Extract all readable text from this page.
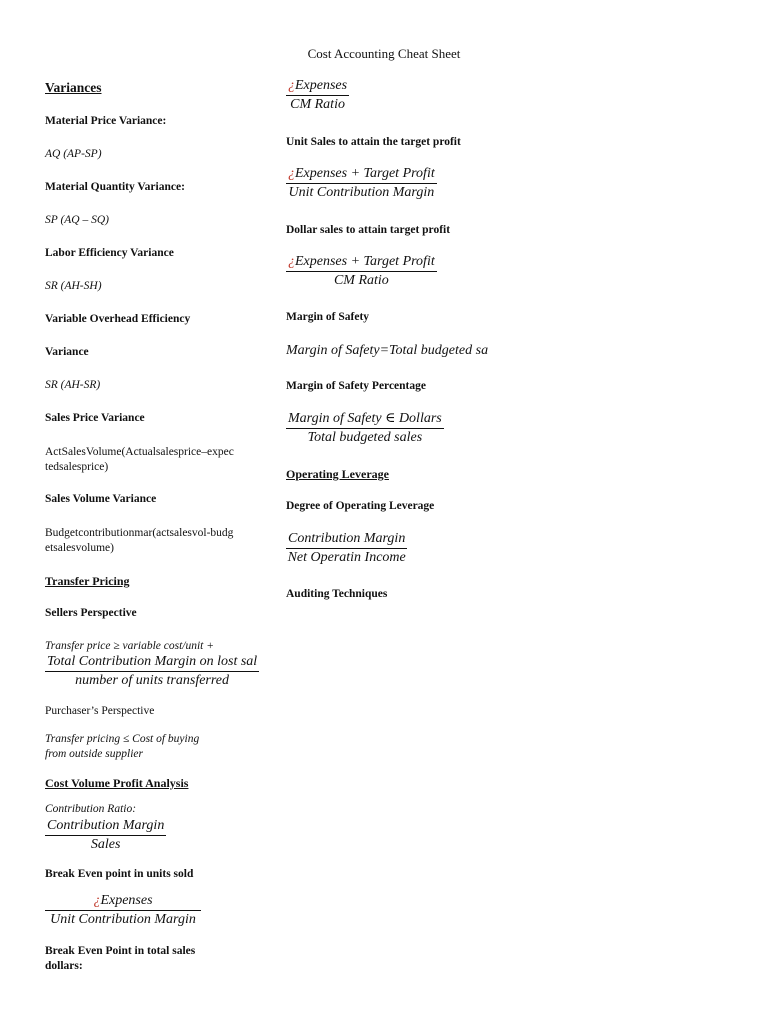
Cost Accounting Cheat Sheet
Variances
Material Price Variance:
AQ (AP-SP)
Material Quantity Variance:
SP (AQ – SQ)
Labor Efficiency Variance
SR (AH-SH)
Variable Overhead Efficiency
Variance
SR (AH-SR)
Sales Price Variance
ActSalesVolume(Actualsalesprice–expectedsalesprice)
Sales Volume Variance
Budgetcontributionmar(actsalesvol-budgetsalesvolume)
Transfer Pricing
Sellers Perspective
Transfer price ≥ variable cost/unit +
$\frac{\text{Total Contribution Margin on lost sal}}{\text{number of units transferred}}$
Purchaser’s Perspective
Transfer pricing ≤ Cost of buying from outside supplier
Cost Volume Profit Analysis
Contribution Ratio:
$\frac{\text{Contribution Margin}}{\text{Sales}}$
Break Even point in units sold
$\frac{\text{¿Expenses}}{\text{Unit Contribution Margin}}$
Break Even Point in total sales dollars:
$\frac{\text{¿Expenses}}{\text{CM Ratio}}$
Unit Sales to attain the target profit
$\frac{\text{¿Expenses + Target Profit}}{\text{Unit Contribution Margin}}$
Dollar sales to attain target profit
$\frac{\text{¿Expenses + Target Profit}}{\text{CM Ratio}}$
Margin of Safety
Margin of Safety=Total budgeted sa
Margin of Safety Percentage
$\frac{\text{Margin of Safety ∈ Dollars}}{\text{Total budgeted sales}}$
Operating Leverage
Degree of Operating Leverage
$\frac{\text{Contribution Margin}}{\text{Net Operatin Income}}$
Auditing Techniques
